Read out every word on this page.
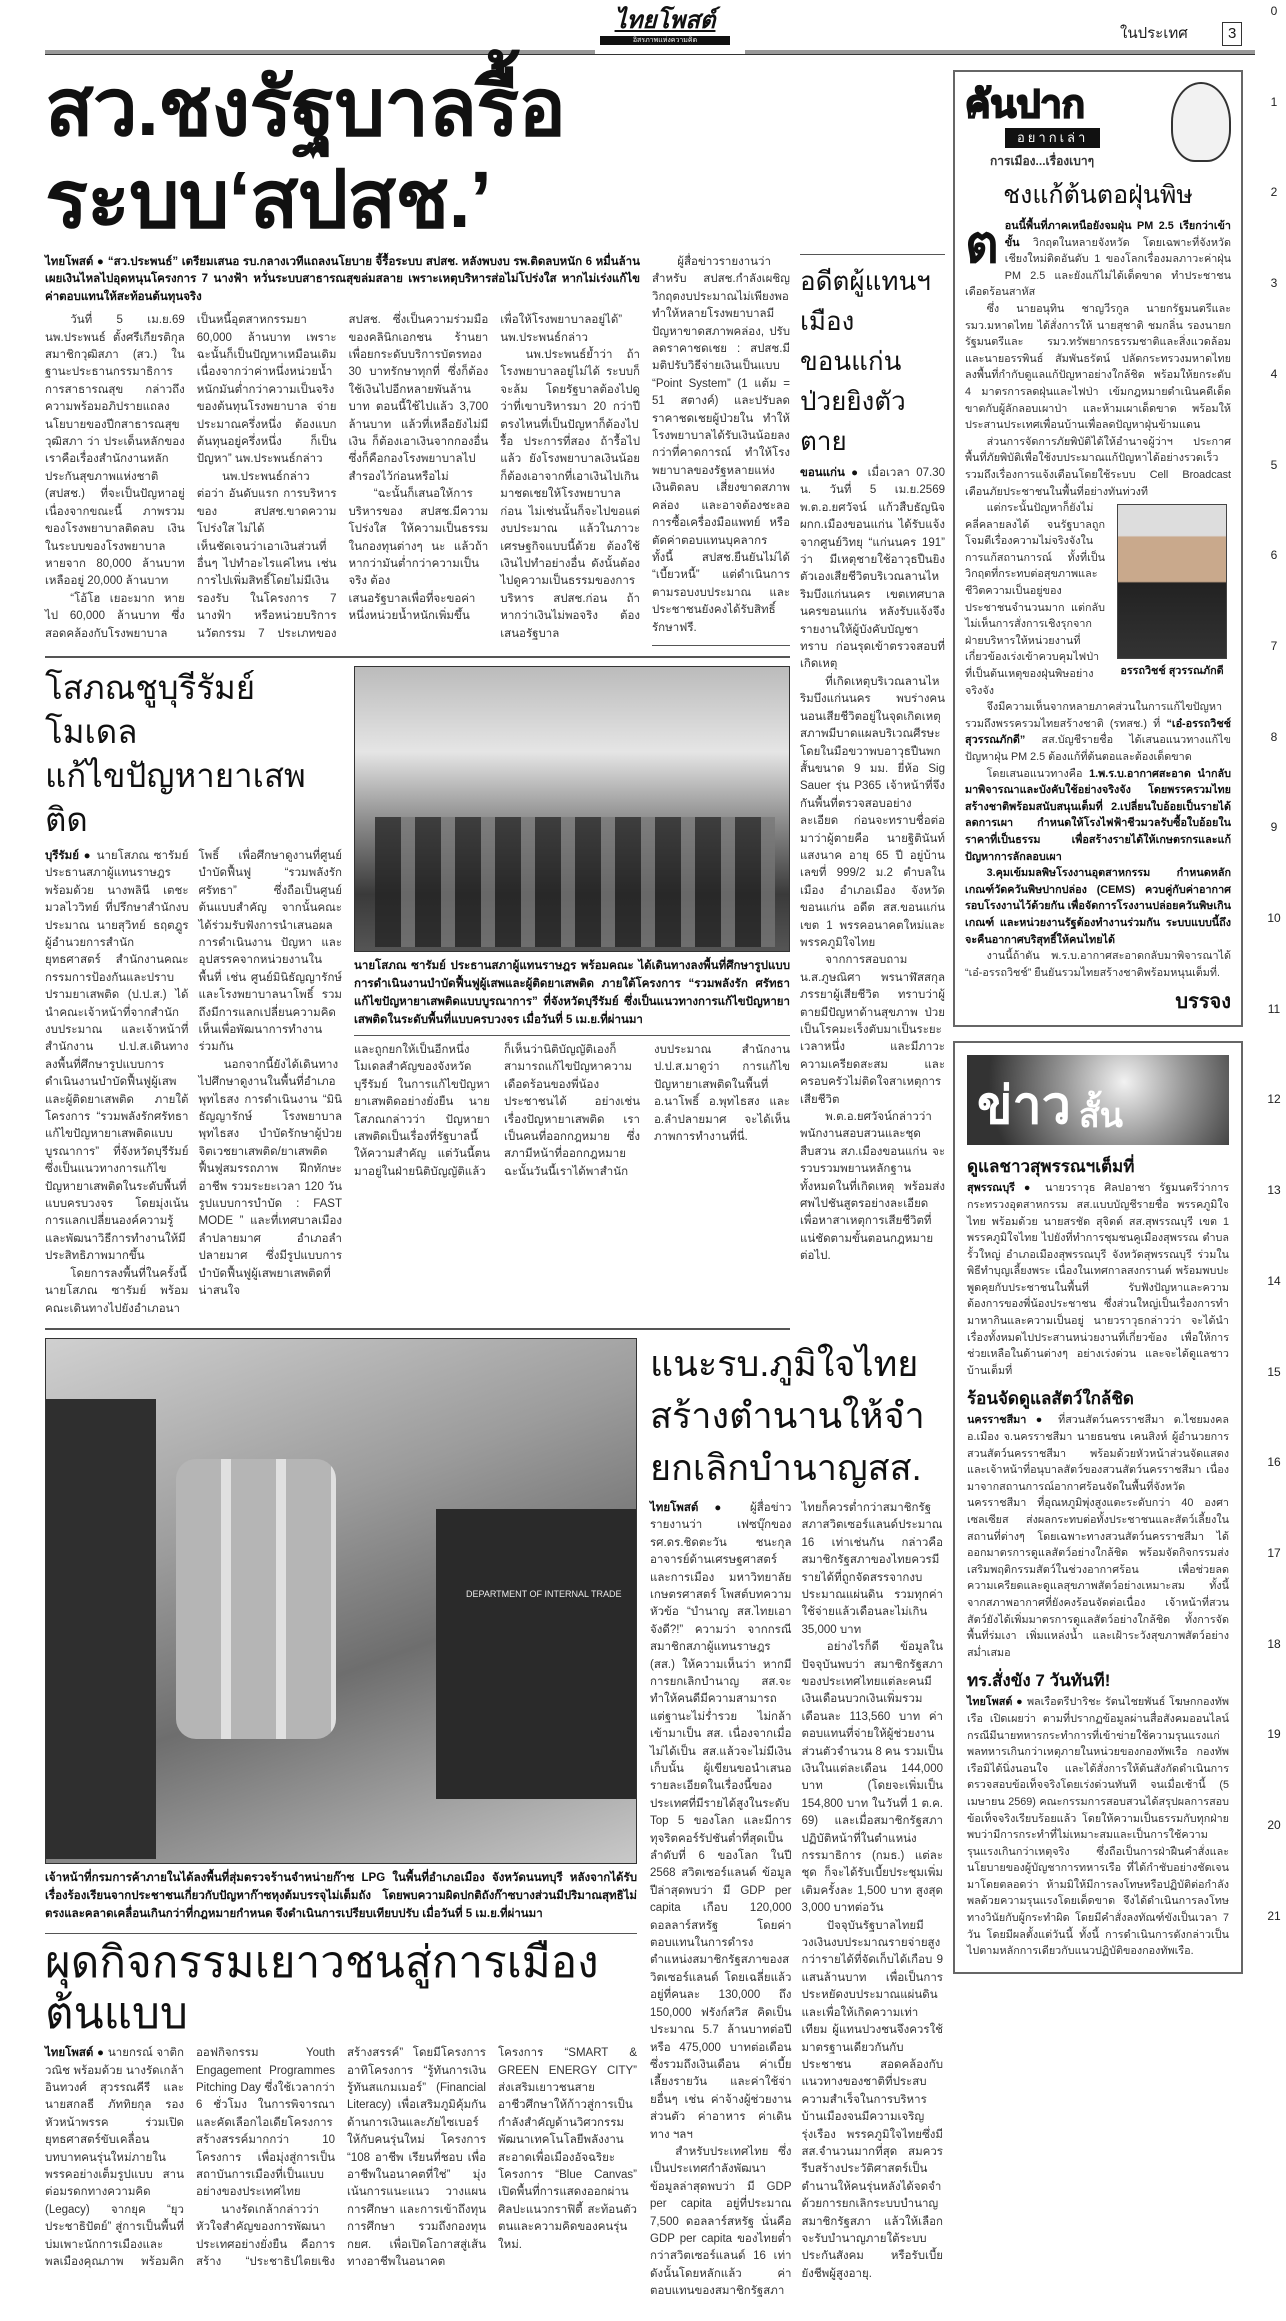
ไทยโพสต์
อิสรภาพแห่งความคิด	ในประเทศ	3
0
1
2
3
4
5
6
7
8
9
10
11
12
13
14
15
16
17
18
19
20
21
สว.ชงรัฐบาลรื้อระบบ‘สปสช.’

ไทยโพสต์ ● “สว.ประพนธ์” เตรียมเสนอ รบ.กลางเวทีแถลงนโยบาย จี้รื้อระบบ สปสช. หลังพบงบ รพ.ติดลบหนัก 6 หมื่นล้าน เผยเงินไหลไปอุดหนุนโครงการ 7 นางฟ้า หวั่นระบบสาธารณสุขล่มสลาย เพราะเหตุบริหารส่อไม่โปร่งใส หากไม่เร่งแก้ไขค่าตอบแทนให้สะท้อนต้นทุนจริง

วันที่ 5 เม.ย.69 นพ.ประพนธ์ ตั้งศรีเกียรติกุล สมาชิกวุฒิสภา (สว.) ในฐานะประธานกรรมาธิการการสาธารณสุข กล่าวถึงความพร้อมอภิปรายแถลงนโยบายของปีกสาธารณสุข วุฒิสภา ว่า ประเด็นหลักของเราคือเรื่องสำนักงานหลักประกันสุขภาพแห่งชาติ (สปสช.) ที่จะเป็นปัญหาอยู่ เนื่องจากขณะนี้ ภาพรวมของโรงพยาบาลติดลบ เงินในระบบของโรงพยาบาลหายจาก 80,000 ล้านบาท เหลืออยู่ 20,000 ล้านบาท

“โอ้โฮ เยอะมาก หายไป 60,000 ล้านบาท ซึ่งสอดคล้องกับโรงพยาบาลเป็นหนี้อุตสาหกรรมยา 60,000 ล้านบาท เพราะฉะนั้นก็เป็นปัญหาเหมือนเดิม เนื่องจากว่าค่าหนึ่งหน่วยน้ำหนักมันต่ำกว่าความเป็นจริงของต้นทุนโรงพยาบาล จ่ายประมาณครึ่งหนึ่ง ต้องแบกต้นทุนอยู่ครึ่งหนึ่ง ก็เป็นปัญหา” นพ.ประพนธ์กล่าว

นพ.ประพนธ์กล่าวต่อว่า อันดับแรก การบริหารของ สปสช.ขาดความโปร่งใส ไม่ได้

เห็นชัดเจนว่าเอาเงินส่วนที่อื่นๆ ไปทำอะไรแค่ไหน เช่น การไปเพิ่มสิทธิ์โดยไม่มีเงินรองรับ ในโครงการ 7 นางฟ้า หรือหน่วยบริการนวัตกรรม 7 ประเภทของ สปสช. ซึ่งเป็นความร่วมมือของคลินิกเอกชน ร้านยา เพื่อยกระดับบริการบัตรทอง 30 บาทรักษาทุกที่ ซึ่งก็ต้องใช้เงินไปอีกหลายพันล้านบาท ตอนนี้ใช้ไปแล้ว 3,700 ล้านบาท แล้วที่เหลือยังไม่มีเงิน ก็ต้องเอาเงินจากกองอื่น ซึ่งก็คือกองโรงพยาบาลไปสำรองไว้ก่อนหรือไม่

“ฉะนั้นก็เสนอให้การบริหารของ สปสช.มีความโปร่งใส ให้ความเป็นธรรมในกองทุนต่างๆ นะ แล้วถ้าหากว่ามันต่ำกว่าความเป็นจริง ต้อง

เสนอรัฐบาลเพื่อที่จะขอค่าหนึ่งหน่วยน้ำหนักเพิ่มขึ้น เพื่อให้โรงพยาบาลอยู่ได้” นพ.ประพนธ์กล่าว

นพ.ประพนธ์ย้ำว่า ถ้าโรงพยาบาลอยู่ไม่ได้ ระบบก็จะล้ม โดยรัฐบาลต้องไปดูว่าที่เขาบริหารมา 20 กว่าปี ตรงไหนที่เป็นปัญหาก็ต้องไปรื้อ ประการที่สอง ถ้ารื้อไปแล้ว ยังโรงพยาบาลเงินน้อยก็ต้องเอาจากที่เอาเงินไปเกินมาชดเชยให้โรงพยาบาลก่อน ไม่เช่นนั้นก็จะไปขอแต่งบประมาณ แล้วในภาวะเศรษฐกิจแบบนี้ด้วย ต้องใช้เงินไปทำอย่างอื่น ดังนั้นต้องไปดูความเป็นธรรมของการบริหาร สปสช.ก่อน ถ้าหากว่าเงินไม่พอจริง ต้องเสนอรัฐบาล

ผู้สื่อข่าวรายงานว่า สำหรับ สปสช.กำลังเผชิญวิกฤตงบประมาณไม่เพียงพอ ทำให้หลายโรงพยาบาลมีปัญหาขาดสภาพคล่อง, ปรับลดราคาชดเชย : สปสช.มีมติปรับวิธีจ่ายเงินเป็นแบบ “Point System” (1 แต้ม = 51 สตางค์) และปรับลดราคาชดเชยผู้ป่วยใน ทำให้โรงพยาบาลได้รับเงินน้อยลงกว่าที่คาดการณ์ ทำให้โรงพยาบาลของรัฐหลายแห่งเงินติดลบ เสี่ยงขาดสภาพคล่อง และอาจต้องชะลอการซื้อเครื่องมือแพทย์ หรือตัดค่าตอบแทนบุคลากร ทั้งนี้ สปสช.ยืนยันไม่ได้ “เบี้ยวหนี้” แต่ดำเนินการตามรอบงบประมาณ และประชาชนยังคงได้รับสิทธิ์รักษาฟรี.

อดีตผู้แทนฯ
เมืองขอนแก่น
ป่วยยิงตัวตาย

ขอนแก่น ● เมื่อเวลา 07.30 น. วันที่ 5 เม.ย.2569 พ.ต.อ.ยศวัจน์ แก้วสืบธัญนิจ ผกก.เมืองขอนแก่น ได้รับแจ้งจากศูนย์วิทยุ “แก่นนคร 191” ว่า มีเหตุชายใช้อาวุธปืนยิงตัวเองเสียชีวิตบริเวณลานไหริมบึงแก่นนคร เขตเทศบาลนครขอนแก่น หลังรับแจ้งจึงรายงานให้ผู้บังคับบัญชาทราบ ก่อนรุดเข้าตรวจสอบที่เกิดเหตุ

ที่เกิดเหตุบริเวณลานไหริมบึงแก่นนคร พบร่างคนนอนเสียชีวิตอยู่ในจุดเกิดเหตุ สภาพมีบาดแผลบริเวณศีรษะ โดยในมือขวาพบอาวุธปืนพกสั้นขนาด 9 มม. ยี่ห้อ Sig Sauer รุ่น P365 เจ้าหน้าที่จึงกันพื้นที่ตรวจสอบอย่างละเอียด ก่อนจะทราบชื่อต่อมาว่าผู้ตายคือ นายฐิตินันท์ แสงนาค อายุ 65 ปี อยู่บ้านเลขที่ 999/2 ม.2 ตำบลในเมือง อำเภอเมือง จังหวัดขอนแก่น อดีต สส.ขอนแก่น เขต 1 พรรคอนาคตใหม่และพรรคภูมิใจไทย

จากการสอบถาม น.ส.ภูษณิศา พรนาฬัสสกุล ภรรยาผู้เสียชีวิต ทราบว่าผู้ตายมีปัญหาด้านสุขภาพ ป่วยเป็นโรคมะเร็งตับมาเป็นระยะเวลาหนึ่ง และมีภาวะความเครียดสะสม และครอบครัวไม่ติดใจสาเหตุการเสียชีวิต

พ.ต.อ.ยศวัจน์กล่าวว่า พนักงานสอบสวนและชุดสืบสวน สภ.เมืองขอนแก่น จะรวบรวมพยานหลักฐานทั้งหมดในที่เกิดเหตุ พร้อมส่งศพไปชันสูตรอย่างละเอียด เพื่อหาสาเหตุการเสียชีวิตที่แน่ชัดตามขั้นตอนกฎหมายต่อไป.

โสภณชูบุรีรัมย์โมเดล
แก้ไขปัญหายาเสพติด

บุรีรัมย์ ● นายโสภณ ซารัมย์ ประธานสภาผู้แทนราษฎร พร้อมด้วย นางพลินี เตชะมวลไววิทย์ ที่ปรึกษาสำนักงบประมาณ นายสุวิทย์ ธฤตฎูร ผู้อำนวยการสำนักยุทธศาสตร์ สำนักงานคณะกรรมการป้องกันและปราบปรามยาเสพติด (ป.ป.ส.) ได้นำคณะเจ้าหน้าที่จากสำนักงบประมาณ และเจ้าหน้าที่สำนักงาน ป.ป.ส.เดินทางลงพื้นที่ศึกษารูปแบบการดำเนินงานบำบัดฟื้นฟูผู้เสพและผู้ติดยาเสพติด ภายใต้โครงการ “รวมพลังรักศรัทธา แก้ไขปัญหายาเสพติดแบบบูรณาการ” ที่จังหวัดบุรีรัมย์ ซึ่งเป็นแนวทางการแก้ไขปัญหายาเสพติดในระดับพื้นที่แบบครบวงจร โดยมุ่งเน้นการแลกเปลี่ยนองค์ความรู้และพัฒนาวิธีการทำงานให้มีประสิทธิภาพมากขึ้น

โดยการลงพื้นที่ในครั้งนี้ นายโสภณ ซารัมย์ พร้อมคณะเดินทางไปยังอำเภอนาโพธิ์ เพื่อศึกษาดูงานที่ศูนย์บำบัดฟื้นฟู “รวมพลังรักศรัทธา” ซึ่งถือเป็นศูนย์ต้นแบบสำคัญ จากนั้นคณะได้ร่วมรับฟังการนำเสนอผลการดำเนินงาน ปัญหา และอุปสรรคจากหน่วยงานในพื้นที่ เช่น ศูนย์มินิธัญญารักษ์ และโรงพยาบาลนาโพธิ์ รวมถึงมีการแลกเปลี่ยนความคิดเห็นเพื่อพัฒนาการทำงานร่วมกัน

นอกจากนี้ยังได้เดินทางไปศึกษาดูงานในพื้นที่อำเภอพุทไธสง การดำเนินงาน “มินิธัญญารักษ์ โรงพยาบาลพุทไธสง บำบัดรักษาผู้ป่วยจิตเวชยาเสพติด/ยาเสพติด ฟื้นฟูสมรรถภาพ ฝึกทักษะอาชีพ รวมระยะเวลา 120 วัน รูปแบบการบำบัด : FAST MODE ” และที่เทศบาลเมืองลำปลายมาศ อำเภอลำปลายมาศ ซึ่งมีรูปแบบการบำบัดฟื้นฟูผู้เสพยาเสพติดที่น่าสนใจ

นายโสภณ ซารัมย์ ประธานสภาผู้แทนราษฎร พร้อมคณะ ได้เดินทางลงพื้นที่ศึกษารูปแบบการดำเนินงานบำบัดฟื้นฟูผู้เสพและผู้ติดยาเสพติด ภายใต้โครงการ “รวมพลังรัก ศรัทธา แก้ไขปัญหายาเสพติดแบบบูรณาการ” ที่จังหวัดบุรีรัมย์ ซึ่งเป็นแนวทางการแก้ไขปัญหายาเสพติดในระดับพื้นที่แบบครบวงจร เมื่อวันที่ 5 เม.ย.ที่ผ่านมา

และถูกยกให้เป็นอีกหนึ่งโมเดลสำคัญของจังหวัดบุรีรัมย์ ในการแก้ไขปัญหายาเสพติดอย่างยั่งยืน นายโสภณกล่าวว่า ปัญหายาเสพติดเป็นเรื่องที่รัฐบาลนี้ให้ความสำคัญ แต่วันนี้ตนมาอยู่ในฝ่ายนิติบัญญัติแล้ว ก็เห็นว่านิติบัญญัติเองก็สามารถแก้ไขปัญหาความเดือดร้อนของพี่น้องประชาชนได้ อย่างเช่น เรื่องปัญหายาเสพติด เราเป็นคนที่ออกกฎหมาย ซึ่งสภามีหน้าที่ออกกฎหมาย ฉะนั้นวันนี้เราได้พาสำนักงบประมาณ สำนักงาน ป.ป.ส.มาดูว่า การแก้ไขปัญหายาเสพติดในพื้นที่ อ.นาโพธิ์ อ.พุทไธสง และ อ.ลำปลายมาศ จะได้เห็นภาพการทำงานที่นี่.

DEPARTMENT OF INTERNAL TRADE
เจ้าหน้าที่กรมการค้าภายในได้ลงพื้นที่สุ่มตรวจร้านจำหน่ายก๊าซ LPG ในพื้นที่อำเภอเมือง จังหวัดนนทบุรี หลังจากได้รับเรื่องร้องเรียนจากประชาชนเกี่ยวกับปัญหาก๊าซหุงต้มบรรจุไม่เต็มถัง โดยพบความผิดปกติถังก๊าซบางส่วนมีปริมาณสุทธิไม่ตรงและคลาดเคลื่อนเกินกว่าที่กฎหมายกำหนด จึงดำเนินการเปรียบเทียบปรับ เมื่อวันที่ 5 เม.ย.ที่ผ่านมา
ผุดกิจกรรมเยาวชนสู่การเมืองต้นแบบ

ไทยโพสต์ ● นายกรณ์ จาติกวณิช พร้อมด้วย นางรัดเกล้า อินทวงศ์ สุวรรณคีรี และนายสกลธี ภัททิยกุล รองหัวหน้าพรรค ร่วมเปิดยุทธศาสตร์ขับเคลื่อนบทบาทคนรุ่นใหม่ภายในพรรคอย่างเต็มรูปแบบ สานต่อมรดกทางความคิด (Legacy) จากยุค “ยุวประชาธิปัตย์” สู่การเป็นพื้นที่บ่มเพาะนักการเมืองและพลเมืองคุณภาพ พร้อมคิกออฟกิจกรรม Youth Engagement Programmes Pitching Day ซึ่งใช้เวลากว่า 6 ชั่วโมง ในการพิจารณาและคัดเลือกไอเดียโครงการสร้างสรรค์มากกว่า 10 โครงการ เพื่อมุ่งสู่การเป็นสถาบันการเมืองที่เป็นแบบอย่างของประเทศไทย

นางรัดเกล้ากล่าวว่า หัวใจสำคัญของการพัฒนาประเทศอย่างยั่งยืน คือการสร้าง “ประชาธิปไตยเชิงสร้างสรรค์” โดยมีโครงการ อาทิโครงการ “รู้ทันการเงิน รู้ทันสแกมเมอร์” (Financial Literacy) เพื่อเสริมภูมิคุ้มกันด้านการเงินและภัยไซเบอร์ให้กับคนรุ่นใหม่ โครงการ “108 อาชีพ เรียนที่ชอบ เพื่ออาชีพในอนาคตที่ใช่” มุ่งเน้นการแนะแนว วางแผนการศึกษา และการเข้าถึงทุนการศึกษา รวมถึงกองทุน กยศ. เพื่อเปิดโอกาสสู่เส้นทางอาชีพในอนาคต โครงการ “SMART & GREEN ENERGY CITY” ส่งเสริมเยาวชนสายอาชีวศึกษาให้ก้าวสู่การเป็นกำลังสำคัญด้านวิศวกรรม พัฒนาเทคโนโลยีพลังงานสะอาดเพื่อเมืองอัจฉริยะ โครงการ “Blue Canvas” เปิดพื้นที่การแสดงออกผ่านศิลปะแนวกราฟิตี้ สะท้อนตัวตนและความคิดของคนรุ่นใหม่.

แนะรบ.ภูมิใจไทย
สร้างตำนานให้จำ
ยกเลิกบำนาญสส.

ไทยโพสต์ ● ผู้สื่อข่าวรายงานว่า เฟซบุ๊กของ รศ.ดร.ชิดตะวัน ชนะกุล อาจารย์ด้านเศรษฐศาสตร์และการเมือง มหาวิทยาลัยเกษตรศาสตร์ โพสต์บทความหัวข้อ “บำนาญ สส.ไทยเอาจังดี?!” ความว่า จากกรณีสมาชิกสภาผู้แทนราษฎร (สส.) ให้ความเห็นว่า หากมีการยกเลิกบำนาญ สส.จะทำให้คนดีมีความสามารถแต่ฐานะไม่ร่ำรวย ไม่กล้าเข้ามาเป็น สส. เนื่องจากเมื่อไม่ได้เป็น สส.แล้วจะไม่มีเงินเก็บนั้น ผู้เขียนขอนำเสนอรายละเอียดในเรื่องนี้ของประเทศที่มีรายได้สูงในระดับ Top 5 ของโลก และมีการทุจริตคอร์รัปชันต่ำที่สุดเป็นลำดับที่ 6 ของโลก ในปี 2568 สวิตเซอร์แลนด์ ข้อมูลปีล่าสุดพบว่า มี GDP per capita เกือบ 120,000 ดอลลาร์สหรัฐ โดยค่าตอบแทนในการดำรงตำแหน่งสมาชิกรัฐสภาของสวิตเซอร์แลนด์ โดยเฉลี่ยแล้วอยู่ที่คนละ 130,000 ถึง 150,000 ฟรังก์สวิส คิดเป็นประมาณ 5.7 ล้านบาทต่อปี หรือ 475,000 บาทต่อเดือน ซึ่งรวมถึงเงินเดือน ค่าเบี้ยเลี้ยงรายวัน และค่าใช้จ่ายอื่นๆ เช่น ค่าจ้างผู้ช่วยงานส่วนตัว ค่าอาหาร ค่าเดินทาง ฯลฯ

สำหรับประเทศไทย ซึ่งเป็นประเทศกำลังพัฒนา ข้อมูลล่าสุดพบว่า มี GDP per capita อยู่ที่ประมาณ 7,500 ดอลลาร์สหรัฐ นั่นคือ GDP per capita ของไทยต่ำกว่าสวิตเซอร์แลนด์ 16 เท่า ดังนั้นโดยหลักแล้ว ค่าตอบแทนของสมาชิกรัฐสภาไทยก็ควรต่ำกว่าสมาชิกรัฐสภาสวิตเซอร์แลนด์ประมาณ 16 เท่าเช่นกัน กล่าวคือ สมาชิกรัฐสภาของไทยควรมีรายได้ที่ถูกจัดสรรจากงบประมาณแผ่นดิน รวมทุกค่าใช้จ่ายแล้วเดือนละไม่เกิน 35,000 บาท

อย่างไรก็ดี ข้อมูลในปัจจุบันพบว่า สมาชิกรัฐสภาของประเทศไทยแต่ละคนมีเงินเดือนบวกเงินเพิ่มรวมเดือนละ 113,560 บาท ค่าตอบแทนที่จ่ายให้ผู้ช่วยงานส่วนตัวจำนวน 8 คน รวมเป็นเงินในแต่ละเดือน 144,000 บาท (โดยจะเพิ่มเป็น 154,800 บาท ในวันที่ 1 ต.ค. 69) และเมื่อสมาชิกรัฐสภาปฏิบัติหน้าที่ในตำแหน่งกรรมาธิการ (กมธ.) แต่ละชุด ก็จะได้รับเบี้ยประชุมเพิ่มเติมครั้งละ 1,500 บาท สูงสุด 3,000 บาทต่อวัน

ปัจจุบันรัฐบาลไทยมีวงเงินงบประมาณรายจ่ายสูงกว่ารายได้ที่จัดเก็บได้เกือบ 9 แสนล้านบาท เพื่อเป็นการประหยัดงบประมาณแผ่นดิน และเพื่อให้เกิดความเท่าเทียม ผู้แทนปวงชนจึงควรใช้มาตรฐานเดียวกันกับประชาชน สอดคล้องกับแนวทางของชาติที่ประสบความสำเร็จในการบริหารบ้านเมืองจนมีความเจริญรุ่งเรือง พรรคภูมิใจไทยซึ่งมี สส.จำนวนมากที่สุด สมควรรีบสร้างประวัติศาสตร์เป็นตำนานให้คนรุ่นหลังได้จดจำ ด้วยการยกเลิกระบบบำนาญสมาชิกรัฐสภา แล้วให้เลือกจะรับบำนาญภายใต้ระบบประกันสังคม หรือรับเบี้ยยังชีพผู้สูงอายุ.

คันปาก
อยากเล่า
การเมือง...เรื่องเบาๆ
ชงแก้ต้นตอฝุ่นพิษ
ต อนนี้พื้นที่ภาคเหนือยังจมฝุ่น PM 2.5 เรียกว่าเข้าขั้น วิกฤตในหลายจังหวัด โดยเฉพาะที่จังหวัดเชียงใหม่ติดอันดับ 1 ของโลกเรื่องมลภาวะค่าฝุ่น PM 2.5 และยังแก้ไม่ได้เด็ดขาด ทำประชาชนเดือดร้อนสาหัส

ซึ่ง นายอนุทิน ชาญวีรกูล นายกรัฐมนตรีและ รมว.มหาดไทย ได้สั่งการให้ นายสุชาติ ชมกลิ่น รองนายกรัฐมนตรีและ รมว.ทรัพยากรธรรมชาติและสิ่งแวดล้อม และนายอรรพินธ์ สัมพันธรัตน์ ปลัดกระทรวงมหาดไทย ลงพื้นที่กำกับดูแลแก้ปัญหาอย่างใกล้ชิด พร้อมให้ยกระดับ 4 มาตรการลดฝุ่นและไฟป่า เข้มกฎหมายดำเนินคดีเด็ดขาดกับผู้ลักลอบเผาป่า และห้ามเผาเด็ดขาด พร้อมให้ประสานประเทศเพื่อนบ้านเพื่อลดปัญหาฝุ่นข้ามแดน

ส่วนการจัดการภัยพิบัติได้ให้อำนาจผู้ว่าฯ ประกาศพื้นที่ภัยพิบัติเพื่อใช้งบประมาณแก้ปัญหาได้อย่างรวดเร็ว รวมถึงเรื่องการแจ้งเตือนโดยใช้ระบบ Cell Broadcast เตือนภัยประชาชนในพื้นที่อย่างทันท่วงที

อรรถวิชช์ สุวรรณภักดี

แต่กระนั้นปัญหาก็ยังไม่คลี่คลายลงได้ จนรัฐบาลถูกโจมตีเรื่องความไม่จริงจังในการแก้สถานการณ์ ทั้งที่เป็นวิกฤตที่กระทบต่อสุขภาพและชีวิตความเป็นอยู่ของประชาชนจำนวนมาก แต่กลับไม่เห็นการสั่งการเชิงรุกจากฝ่ายบริหารให้หน่วยงานที่เกี่ยวข้องเร่งเข้าควบคุมไฟป่าที่เป็นต้นเหตุของฝุ่นพิษอย่างจริงจัง

จึงมีความเห็นจากหลายภาคส่วนในการแก้ไขปัญหา รวมถึงพรรครวมไทยสร้างชาติ (รทสช.) ที่ “เอ๋-อรรถวิชช์ สุวรรณภักดี” สส.บัญชีรายชื่อ ได้เสนอแนวทางแก้ไขปัญหาฝุ่น PM 2.5 ต้องแก้ที่ต้นตอและต้องเด็ดขาด

โดยเสนอแนวทางคือ 1.พ.ร.บ.อากาศสะอาด นำกลับมาพิจารณาและบังคับใช้อย่างจริงจัง โดยพรรครวมไทยสร้างชาติพร้อมสนับสนุนเต็มที่ 2.เปลี่ยนใบอ้อยเป็นรายได้ลดการเผา กำหนดให้โรงไฟฟ้าชีวมวลรับซื้อใบอ้อยในราคาที่เป็นธรรม เพื่อสร้างรายได้ให้เกษตรกรและแก้ปัญหาการลักลอบเผา

3.คุมเข้มมลพิษโรงงานอุตสาหกรรม กำหนดหลักเกณฑ์วัดควันพิษปากปล่อง (CEMS) ควบคู่กับค่าอากาศรอบโรงงานไว้ด้วยกัน เพื่อจัดการโรงงานปล่อยควันพิษเกินเกณฑ์ และหน่วยงานรัฐต้องทำงานร่วมกัน ระบบแบบนี้ถึงจะคืนอากาศบริสุทธิ์ให้คนไทยได้

งานนี้ถ้าดัน พ.ร.บ.อากาศสะอาดกลับมาพิจารณาได้ “เอ๋-อรรถวิชช์” ยืนยันรวมไทยสร้างชาติพร้อมหนุนเต็มที่.

บรรจง
ข่าว สั้น
ดูแลชาวสุพรรณฯเต็มที่

สุพรรณบุรี ● นายวราวุธ ศิลปอาชา รัฐมนตรีว่าการกระทรวงอุตสาหกรรม สส.แบบบัญชีรายชื่อ พรรคภูมิใจไทย พร้อมด้วย นายสรชัด สุจิตต์ สส.สุพรรณบุรี เขต 1 พรรคภูมิใจไทย ไปยังที่ทำการชุมชนคูเมืองสุพรรณ ตำบลรั้วใหญ่ อำเภอเมืองสุพรรณบุรี จังหวัดสุพรรณบุรี ร่วมในพิธีทำบุญเลี้ยงพระ เนื่องในเทศกาลสงกรานต์ พร้อมพบปะพูดคุยกับประชาชนในพื้นที่ รับฟังปัญหาและความต้องการของพี่น้องประชาชน ซึ่งส่วนใหญ่เป็นเรื่องการทำมาหากินและความเป็นอยู่ นายวราวุธกล่าวว่า จะได้นำเรื่องทั้งหมดไปประสานหน่วยงานที่เกี่ยวข้อง เพื่อให้การช่วยเหลือในด้านต่างๆ อย่างเร่งด่วน และจะได้ดูแลชาวบ้านเต็มที่

ร้อนจัดดูแลสัตว์ใกล้ชิด

นครราชสีมา ● ที่สวนสัตว์นครราชสีมา ต.ไชยมงคล อ.เมือง จ.นครราชสีมา นายธนชน เคนสิงห์ ผู้อำนวยการสวนสัตว์นครราชสีมา พร้อมด้วยหัวหน้าส่วนจัดแสดง และเจ้าหน้าที่อนุบาลสัตว์ของสวนสัตว์นครราชสีมา เนื่องมาจากสถานการณ์อากาศร้อนจัดในพื้นที่จังหวัดนครราชสีมา ที่อุณหภูมิพุ่งสูงแตะระดับกว่า 40 องศาเซลเซียส ส่งผลกระทบต่อทั้งประชาชนและสัตว์เลี้ยงในสถานที่ต่างๆ โดยเฉพาะทางสวนสัตว์นครราชสีมา ได้ออกมาตรการดูแลสัตว์อย่างใกล้ชิด พร้อมจัดกิจกรรมส่งเสริมพฤติกรรมสัตว์ในช่วงอากาศร้อน เพื่อช่วยลดความเครียดและดูแลสุขภาพสัตว์อย่างเหมาะสม ทั้งนี้ จากสภาพอากาศที่ยังคงร้อนจัดต่อเนื่อง เจ้าหน้าที่สวนสัตว์ยังได้เพิ่มมาตรการดูแลสัตว์อย่างใกล้ชิด ทั้งการจัดพื้นที่ร่มเงา เพิ่มแหล่งน้ำ และเฝ้าระวังสุขภาพสัตว์อย่างสม่ำเสมอ

ทร.สั่งขัง 7 วันทันที!

ไทยโพสต์ ● พลเรือตรีปาริชะ รัตนไชยพันธ์ โฆษกกองทัพเรือ เปิดเผยว่า ตามที่ปรากฏข้อมูลผ่านสื่อสังคมออนไลน์ กรณีมีนายทหารกระทำการที่เข้าข่ายใช้ความรุนแรงแก่พลทหารเกินกว่าเหตุภายในหน่วยของกองทัพเรือ กองทัพเรือมิได้นิ่งนอนใจ และได้สั่งการให้ต้นสังกัดดำเนินการตรวจสอบข้อเท็จจริงโดยเร่งด่วนทันที จนเมื่อเช้านี้ (5 เมษายน 2569) คณะกรรมการสอบสวนได้สรุปผลการสอบข้อเท็จจริงเรียบร้อยแล้ว โดยให้ความเป็นธรรมกับทุกฝ่าย พบว่ามีการกระทำที่ไม่เหมาะสมและเป็นการใช้ความรุนแรงเกินกว่าเหตุจริง ซึ่งถือเป็นการฝ่าฝืนคำสั่งและนโยบายของผู้บัญชาการทหารเรือ ที่ได้กำชับอย่างชัดเจนมาโดยตลอดว่า ห้ามมิให้มีการลงโทษหรือปฏิบัติต่อกำลังพลด้วยความรุนแรงโดยเด็ดขาด จึงได้ดำเนินการลงโทษทางวินัยกับผู้กระทำผิด โดยมีคำสั่งลงทัณฑ์ขังเป็นเวลา 7 วัน โดยมีผลตั้งแต่วันนี้ ทั้งนี้ การดำเนินการดังกล่าวเป็นไปตามหลักการเดียวกับแนวปฏิบัติของกองทัพเรือ.
